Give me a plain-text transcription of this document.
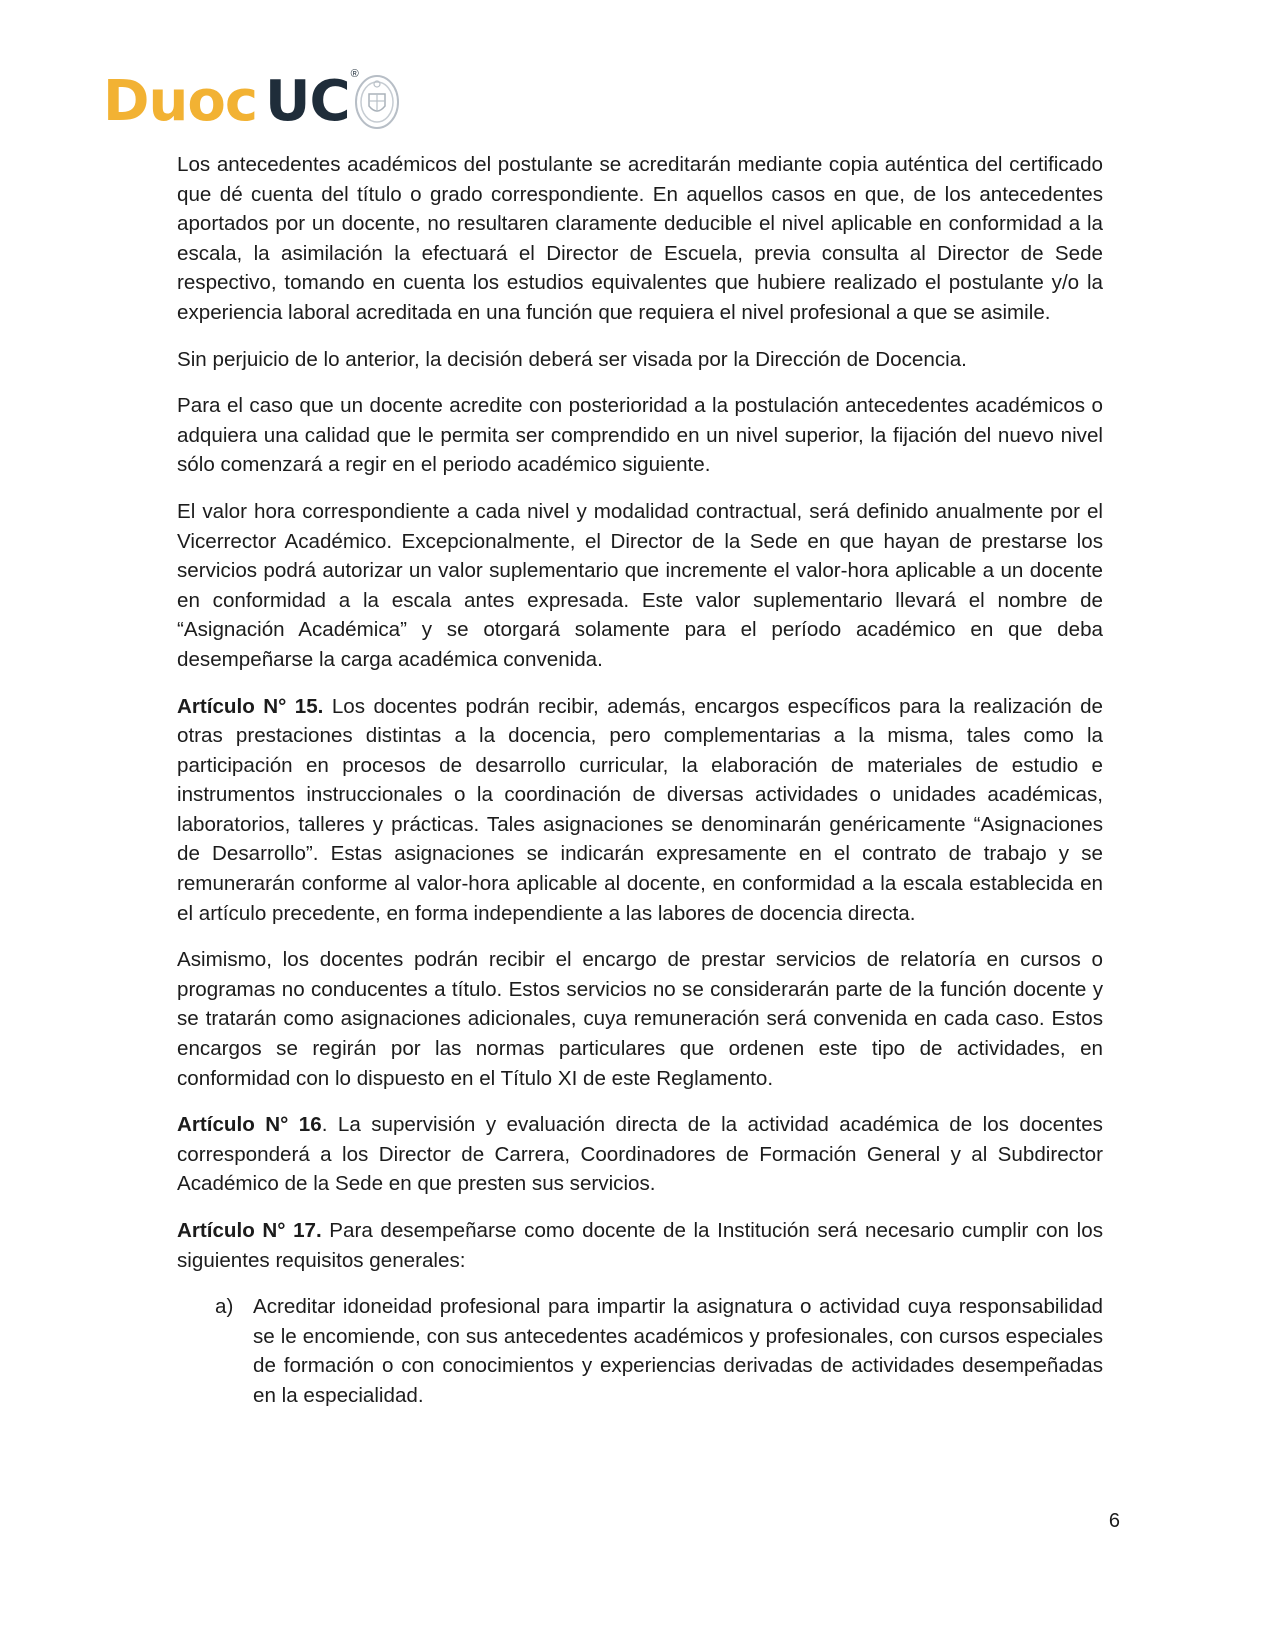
Duoc UC ®

Los antecedentes académicos del postulante se acreditarán mediante copia auténtica del certificado que dé cuenta del título o grado correspondiente. En aquellos casos en que, de los antecedentes aportados por un docente, no resultaren claramente deducible el nivel aplicable en conformidad a la escala, la asimilación la efectuará el Director de Escuela, previa consulta al Director de Sede respectivo, tomando en cuenta los estudios equivalentes que hubiere realizado el postulante y/o la experiencia laboral acreditada en una función que requiera el nivel profesional a que se asimile.

Sin perjuicio de lo anterior, la decisión deberá ser visada por la Dirección de Docencia.

Para el caso que un docente acredite con posterioridad a la postulación antecedentes académicos o adquiera una calidad que le permita ser comprendido en un nivel superior, la fijación del nuevo nivel sólo comenzará a regir en el periodo académico siguiente.

El valor hora correspondiente a cada nivel y modalidad contractual, será definido anualmente por el Vicerrector Académico. Excepcionalmente, el Director de la Sede en que hayan de prestarse los servicios podrá autorizar un valor suplementario que incremente el valor-hora aplicable a un docente en conformidad a la escala antes expresada. Este valor suplementario llevará el nombre de “Asignación Académica” y se otorgará solamente para el período académico en que deba desempeñarse la carga académica convenida.

Artículo N° 15. Los docentes podrán recibir, además, encargos específicos para la realización de otras prestaciones distintas a la docencia, pero complementarias a la misma, tales como la participación en procesos de desarrollo curricular, la elaboración de materiales de estudio e instrumentos instruccionales o la coordinación de diversas actividades o unidades académicas, laboratorios, talleres y prácticas. Tales asignaciones se denominarán genéricamente “Asignaciones de Desarrollo”. Estas asignaciones se indicarán expresamente en el contrato de trabajo y se remunerarán conforme al valor-hora aplicable al docente, en conformidad a la escala establecida en el artículo precedente, en forma independiente a las labores de docencia directa.

Asimismo, los docentes podrán recibir el encargo de prestar servicios de relatoría en cursos o programas no conducentes a título. Estos servicios no se considerarán parte de la función docente y se tratarán como asignaciones adicionales, cuya remuneración será convenida en cada caso. Estos encargos se regirán por las normas particulares que ordenen este tipo de actividades, en conformidad con lo dispuesto en el Título XI de este Reglamento.

Artículo N° 16. La supervisión y evaluación directa de la actividad académica de los docentes corresponderá a los Director de Carrera, Coordinadores de Formación General y al Subdirector Académico de la Sede en que presten sus servicios.

Artículo N° 17. Para desempeñarse como docente de la Institución será necesario cumplir con los siguientes requisitos generales:

a) Acreditar idoneidad profesional para impartir la asignatura o actividad cuya responsabilidad se le encomiende, con sus antecedentes académicos y profesionales, con cursos especiales de formación o con conocimientos y experiencias derivadas de actividades desempeñadas en la especialidad.
6
